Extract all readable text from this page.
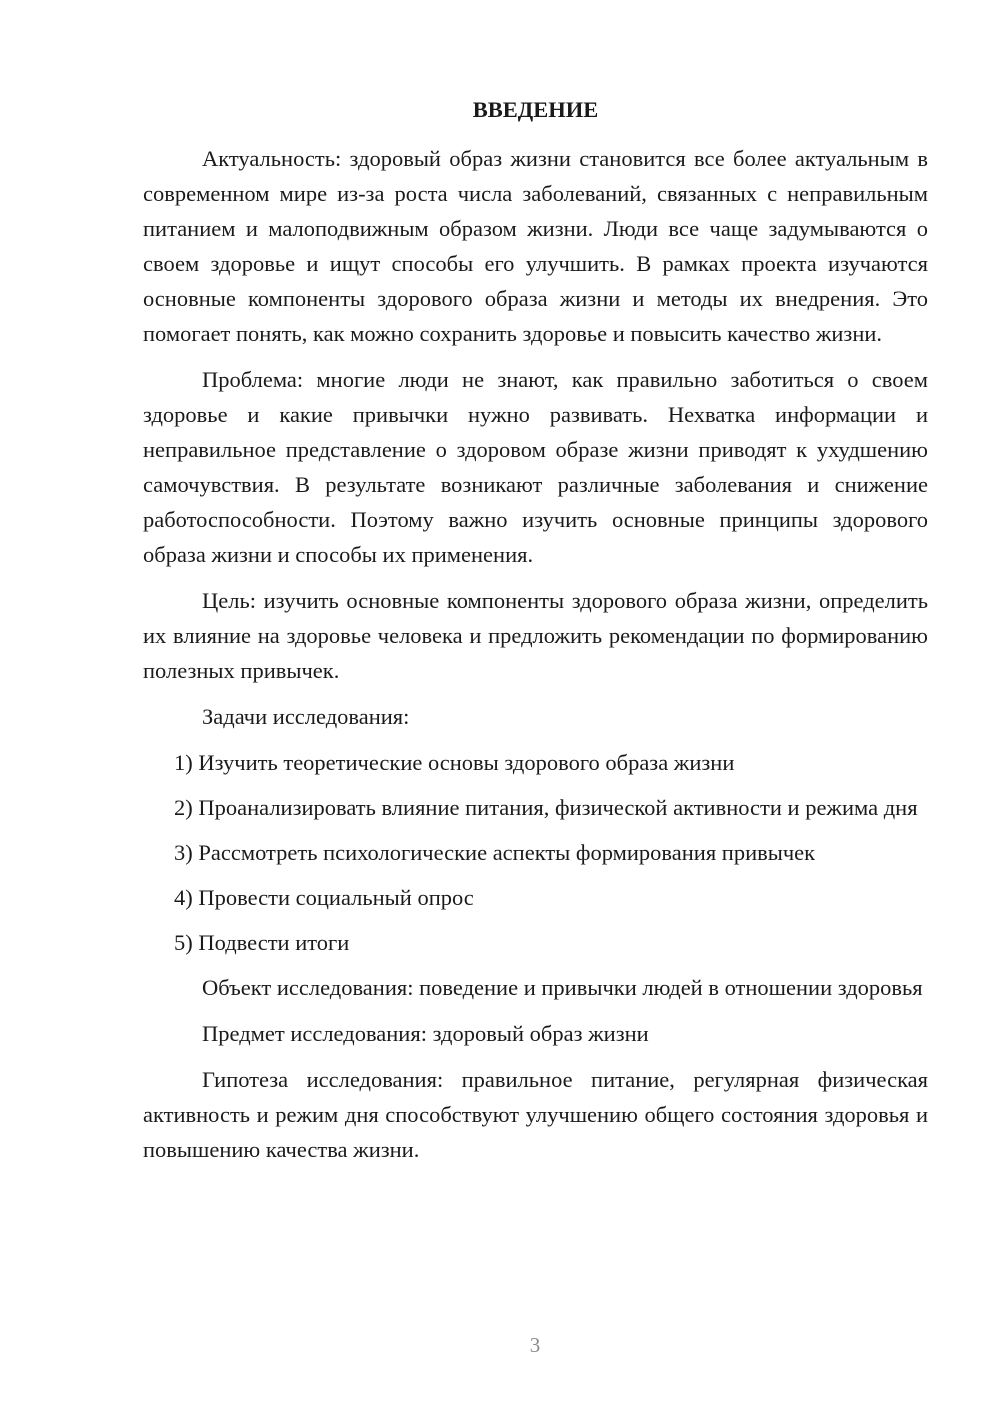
ВВЕДЕНИЕ
Актуальность: здоровый образ жизни становится все более актуальным в современном мире из-за роста числа заболеваний, связанных с неправильным питанием и малоподвижным образом жизни. Люди все чаще задумываются о своем здоровье и ищут способы его улучшить. В рамках проекта изучаются основные компоненты здорового образа жизни и методы их внедрения. Это помогает понять, как можно сохранить здоровье и повысить качество жизни.
Проблема: многие люди не знают, как правильно заботиться о своем здоровье и какие привычки нужно развивать. Нехватка информации и неправильное представление о здоровом образе жизни приводят к ухудшению самочувствия. В результате возникают различные заболевания и снижение работоспособности. Поэтому важно изучить основные принципы здорового образа жизни и способы их применения.
Цель: изучить основные компоненты здорового образа жизни, определить их влияние на здоровье человека и предложить рекомендации по формированию полезных привычек.
Задачи исследования:
1) Изучить теоретические основы здорового образа жизни
2) Проанализировать влияние питания, физической активности и режима дня
3) Рассмотреть психологические аспекты формирования привычек
4) Провести социальный опрос
5) Подвести итоги
Объект исследования: поведение и привычки людей в отношении здоровья
Предмет исследования: здоровый образ жизни
Гипотеза исследования: правильное питание, регулярная физическая активность и режим дня способствуют улучшению общего состояния здоровья и повышению качества жизни.
3
